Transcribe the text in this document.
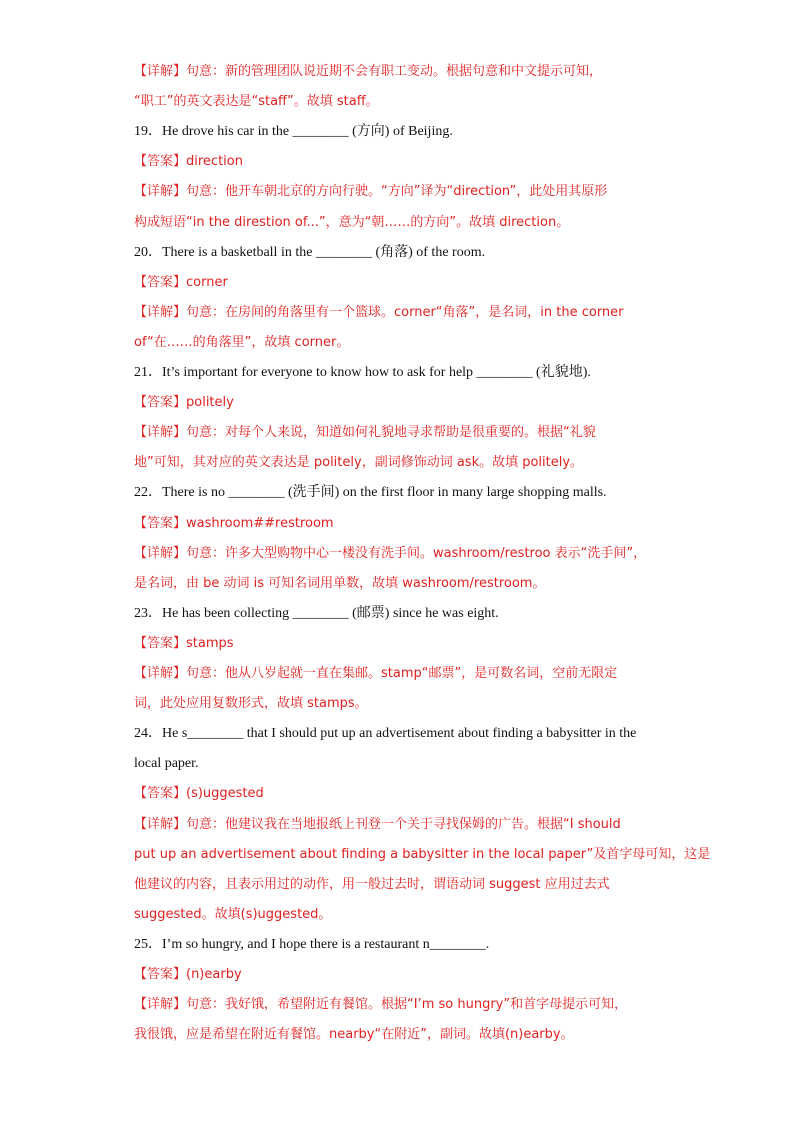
【详解】句意：新的管理团队说近期不会有职工变动。根据句意和中文提示可知，
“职工”的英文表达是“staff”。故填 staff。
19．He drove his car in the ________ (方向) of Beijing.
【答案】direction
【详解】句意：他开车朝北京的方向行驶。“方向”译为“direction”，此处用其原形
构成短语“in the direstion of...”，意为“朝……的方向”。故填 direction。
20．There is a basketball in the ________ (角落) of the room.
【答案】corner
【详解】句意：在房间的角落里有一个篮球。corner“角落”，是名词，in the corner
of“在……的角落里”，故填 corner。
21．It’s important for everyone to know how to ask for help ________ (礼貌地).
【答案】politely
【详解】句意：对每个人来说，知道如何礼貌地寻求帮助是很重要的。根据“礼貌
地”可知，其对应的英文表达是 politely，副词修饰动词 ask。故填 politely。
22．There is no ________ (洗手间) on the first floor in many large shopping malls.
【答案】washroom##restroom
【详解】句意：许多大型购物中心一楼没有洗手间。washroom/restroo 表示“洗手间”，
是名词，由 be 动词 is 可知名词用单数，故填 washroom/restroom。
23．He has been collecting ________ (邮票) since he was eight.
【答案】stamps
【详解】句意：他从八岁起就一直在集邮。stamp“邮票”，是可数名词，空前无限定
词，此处应用复数形式，故填 stamps。
24．He s________ that I should put up an advertisement about finding a babysitter in the
local paper.
【答案】(s)uggested
【详解】句意：他建议我在当地报纸上刊登一个关于寻找保姆的广告。根据“I should
put up an advertisement about finding a babysitter in the local paper”及首字母可知，这是
他建议的内容，且表示用过的动作，用一般过去时，谓语动词 suggest 应用过去式
suggested。故填(s)uggested。
25．I’m so hungry, and I hope there is a restaurant n________.
【答案】(n)earby
【详解】句意：我好饿，希望附近有餐馆。根据“I’m so hungry”和首字母提示可知，
我很饿，应是希望在附近有餐馆。nearby“在附近”，副词。故填(n)earby。
